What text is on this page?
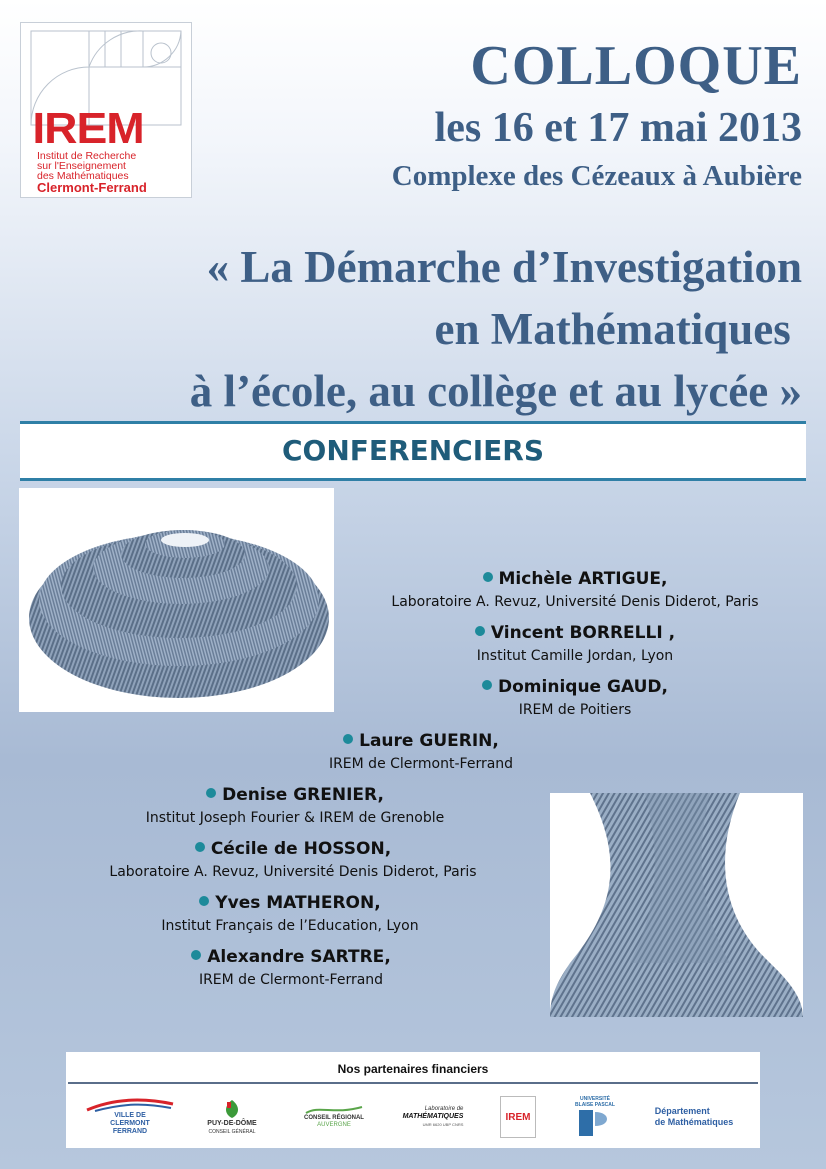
IREM
Institut de Recherche
sur l'Enseignement
des Mathématiques
Clermont-Ferrand
COLLOQUE
les 16 et 17 mai 2013
Complexe des Cézeaux à Aubière
« La Démarche d’Investigation
en Mathématiques
à l’école, au collège et au lycée »
CONFERENCIERS
Michèle ARTIGUE,
Laboratoire A. Revuz, Université Denis Diderot, Paris
Vincent BORRELLI ,
Institut Camille Jordan, Lyon
Dominique GAUD,
IREM de Poitiers
Laure GUERIN,
IREM de Clermont-Ferrand
Denise GRENIER,
Institut Joseph Fourier & IREM de Grenoble
Cécile de HOSSON,
Laboratoire A. Revuz, Université Denis Diderot, Paris
Yves MATHERON,
Institut Français de l’Education, Lyon
Alexandre SARTRE,
IREM de Clermont-Ferrand
Nos partenaires financiers
VILLE DE
CLERMONT
FERRAND
PUY-DE-DÔME
CONSEIL GÉNÉRAL
CONSEIL RÉGIONAL
AUVERGNE
Laboratoire de
MATHÉMATIQUES
UMR 6620 UBP CNRS
IREM
UNIVERSITÉ
BLAISE PASCAL
Département
de Mathématiques
